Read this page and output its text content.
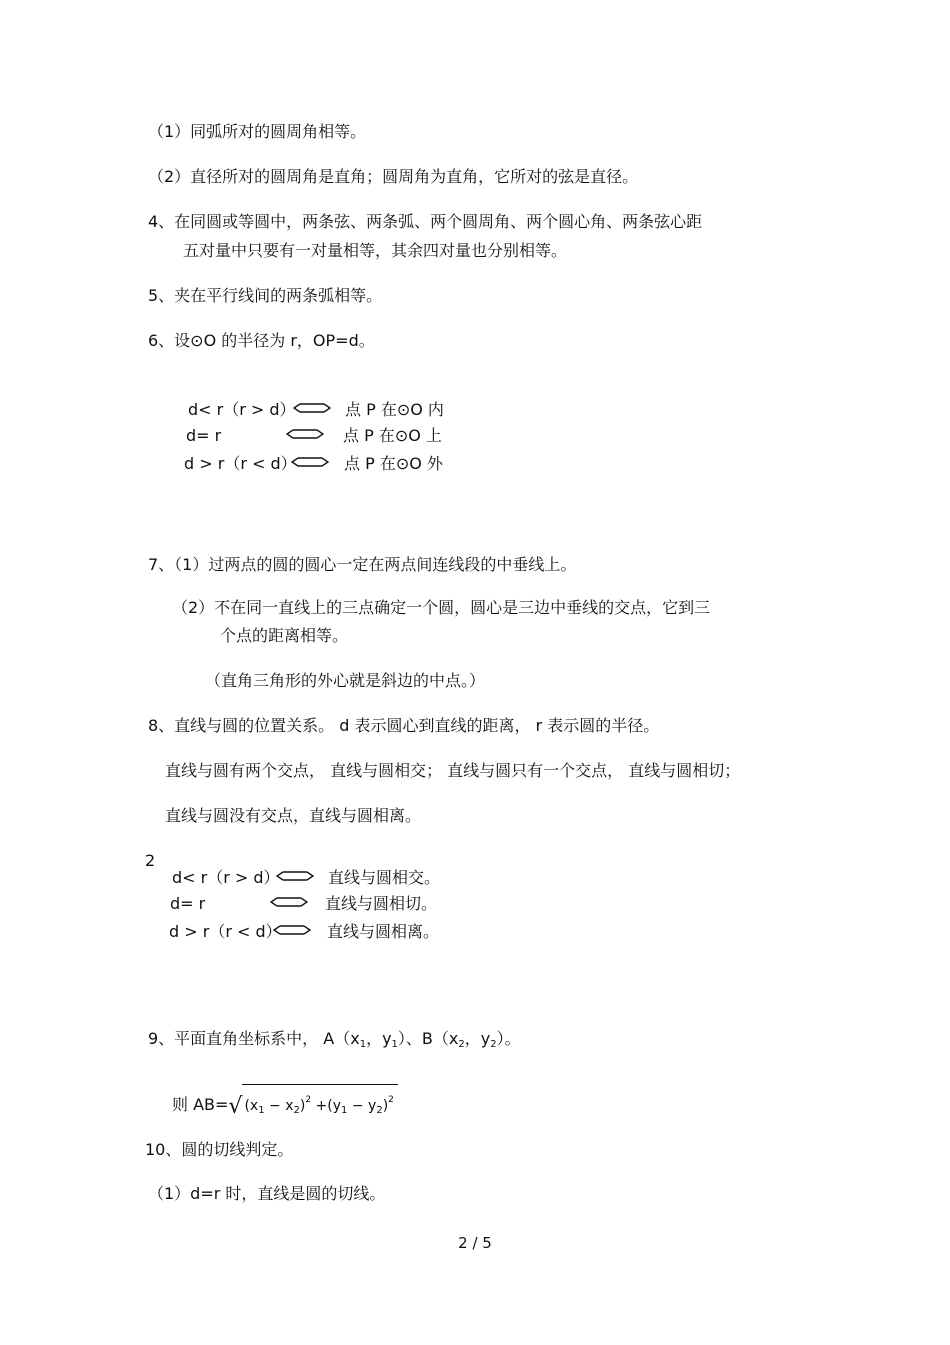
（1）同弧所对的圆周角相等。
（2）直径所对的圆周角是直角；圆周角为直角，它所对的弦是直径。
4、在同圆或等圆中，两条弦、两条弧、两个圆周角、两个圆心角、两条弦心距
五对量中只要有一对量相等，其余四对量也分别相等。
5、夹在平行线间的两条弧相等。
6、设⊙O 的半径为 r，OP=d。
d< r（r > d）	点 P 在⊙O 内
d= r	点 P 在⊙O 上
d > r（r < d）	点 P 在⊙O 外
7、（1）过两点的圆的圆心一定在两点间连线段的中垂线上。
（2）不在同一直线上的三点确定一个圆，圆心是三边中垂线的交点，它到三
个点的距离相等。
（直角三角形的外心就是斜边的中点。）
8、直线与圆的位置关系。 d 表示圆心到直线的距离， r 表示圆的半径。
直线与圆有两个交点， 直线与圆相交； 直线与圆只有一个交点， 直线与圆相切；
直线与圆没有交点，直线与圆相离。
2
d< r（r > d）	直线与圆相交。
d= r	直线与圆相切。
d > r（r < d）	直线与圆相离。
9、平面直角坐标系中， $A(x_1$，$y_1$）、$B(x_2$，$y_2$）。
则 AB=√ $(x_1 - x_2)^2 +(y_1 - y_2)^2$
10、圆的切线判定。
（1）d=r 时，直线是圆的切线。
2 / 5
